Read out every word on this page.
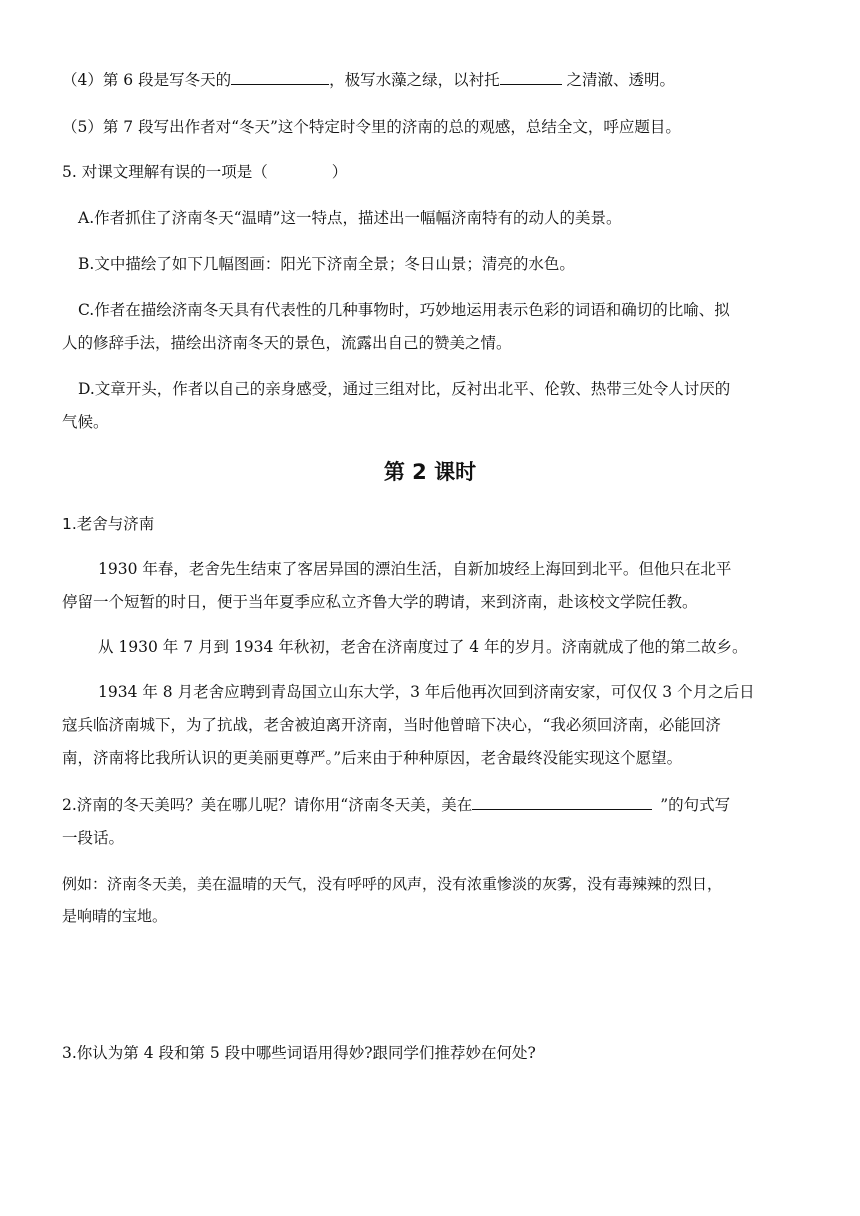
（4）第 6 段是写冬天的	，极写水藻之绿，以衬托	之清澈、透明。
（5）第 7 段写出作者对“冬天”这个特定时令里的济南的总的观感，总结全文，呼应题目。
5. 对课文理解有误的一项是（	）
A.作者抓住了济南冬天“温晴”这一特点，描述出一幅幅济南特有的动人的美景。
B.文中描绘了如下几幅图画：阳光下济南全景；冬日山景；清亮的水色。
C.作者在描绘济南冬天具有代表性的几种事物时，巧妙地运用表示色彩的词语和确切的比喻、拟
人的修辞手法，描绘出济南冬天的景色，流露出自己的赞美之情。
D.文章开头，作者以自己的亲身感受，通过三组对比，反衬出北平、伦敦、热带三处令人讨厌的
气候。
第 2 课时
1.老舍与济南
1930 年春，老舍先生结束了客居异国的漂泊生活，自新加坡经上海回到北平。但他只在北平
停留一个短暂的时日，便于当年夏季应私立齐鲁大学的聘请，来到济南，赴该校文学院任教。
从 1930 年 7 月到 1934 年秋初，老舍在济南度过了 4 年的岁月。济南就成了他的第二故乡。
1934 年 8 月老舍应聘到青岛国立山东大学，3 年后他再次回到济南安家，可仅仅 3 个月之后日
寇兵临济南城下，为了抗战，老舍被迫离开济南，当时他曾暗下决心，“我必须回济南，必能回济
南，济南将比我所认识的更美丽更尊严。”后来由于种种原因，老舍最终没能实现这个愿望。
2.济南的冬天美吗？美在哪儿呢？请你用“济南冬天美，美在	”的句式写
一段话。
例如：济南冬天美，美在温晴的天气，没有呼呼的风声，没有浓重惨淡的灰雾，没有毒辣辣的烈日，
是响晴的宝地。
3.你认为第 4 段和第 5 段中哪些词语用得妙?跟同学们推荐妙在何处?
